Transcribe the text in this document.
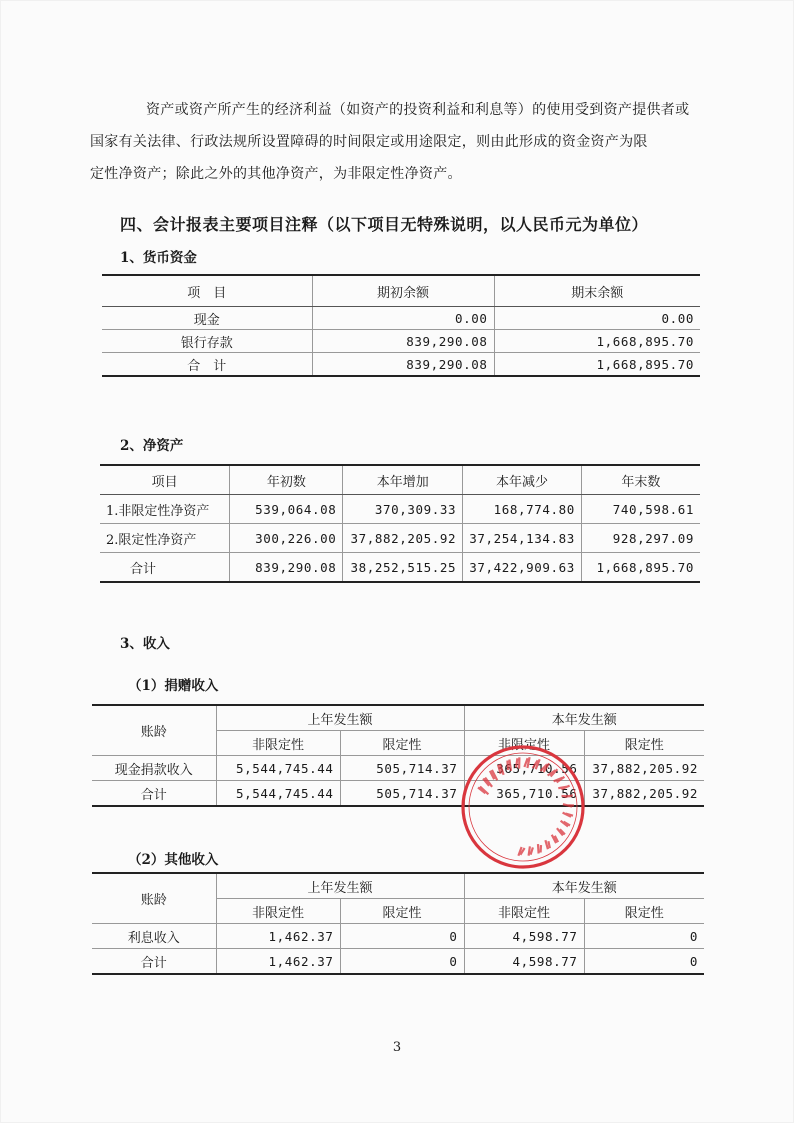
资产或资产所产生的经济利益（如资产的投资利益和利息等）的使用受到资产提供者或
国家有关法律、行政法规所设置障碍的时间限定或用途限定，则由此形成的资金资产为限
定性净资产；除此之外的其他净资产，为非限定性净资产。
四、会计报表主要项目注释（以下项目无特殊说明，以人民币元为单位）
1、货币资金
项　目	期初余额	期末余额
现金	0.00	0.00
银行存款	839,290.08	1,668,895.70
合　计	839,290.08	1,668,895.70
2、净资产
项目	年初数	本年增加	本年减少	年末数
1.非限定性净资产	539,064.08	370,309.33	168,774.80	740,598.61
2.限定性净资产	300,226.00	37,882,205.92	37,254,134.83	928,297.09
合计	839,290.08	38,252,515.25	37,422,909.63	1,668,895.70
3、收入
（1）捐赠收入
账龄	上年发生额		本年发生额	
	非限定性	限定性	非限定性	限定性
现金捐款收入	5,544,745.44	505,714.37	365,710.56	37,882,205.92
合计	5,544,745.44	505,714.37	365,710.56	37,882,205.92
（2）其他收入
账龄	上年发生额		本年发生额	
	非限定性	限定性	非限定性	限定性
利息收入	1,462.37	0	4,598.77	0
合计	1,462.37	0	4,598.77	0
3
